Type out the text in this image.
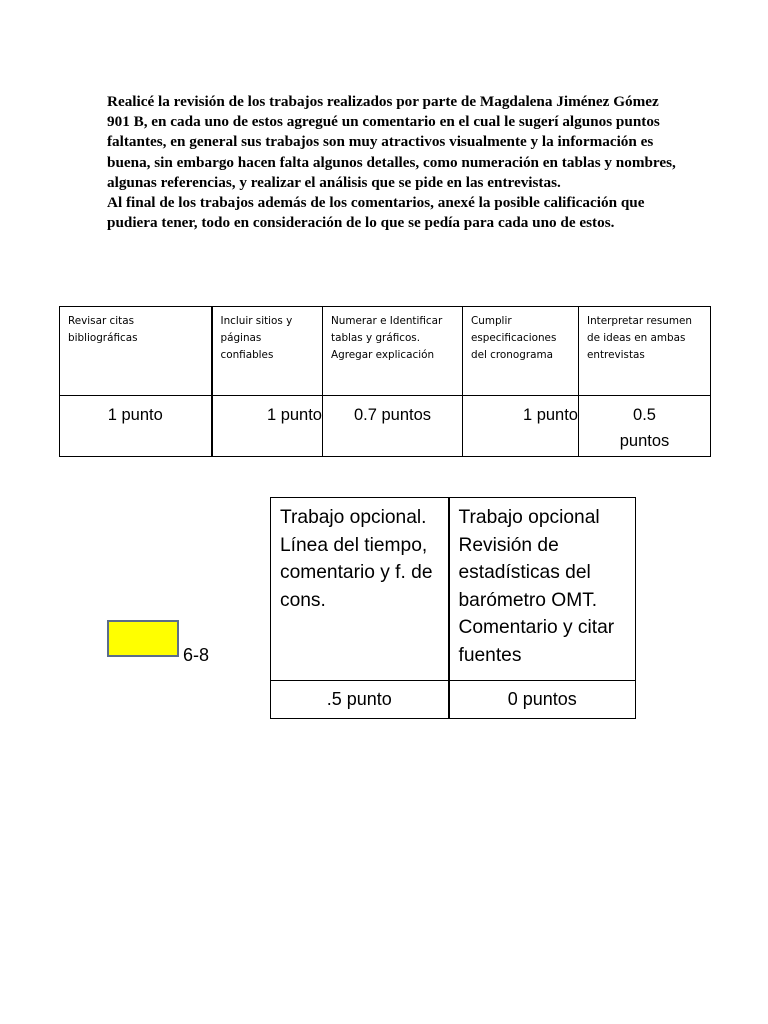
Realicé la revisión de los trabajos realizados por parte de Magdalena Jiménez Gómez 901 B, en cada uno de estos agregué un comentario en el cual le sugerí algunos puntos faltantes, en general sus trabajos son muy atractivos visualmente y la información es buena, sin embargo hacen falta algunos detalles, como numeración en tablas y nombres, algunas referencias, y realizar el análisis que se pide en las entrevistas.

Al final de los trabajos además de los comentarios, anexé la posible calificación que pudiera tener, todo en consideración de lo que se pedía para cada uno de estos.

Revisar citas bibliográficas	Incluir sitios y páginas confiables	Numerar e Identificar tablas y gráficos. Agregar explicación	Cumplir especificaciones del cronograma	Interpretar resumen de ideas en ambas entrevistas
1 punto	1 punto	0.7 puntos	1 punto	0.5 puntos
6-8
Trabajo opcional. Línea del tiempo, comentario y f. de cons.	Trabajo opcional Revisión de estadísticas del barómetro OMT. Comentario y citar fuentes
.5 punto	0 puntos
